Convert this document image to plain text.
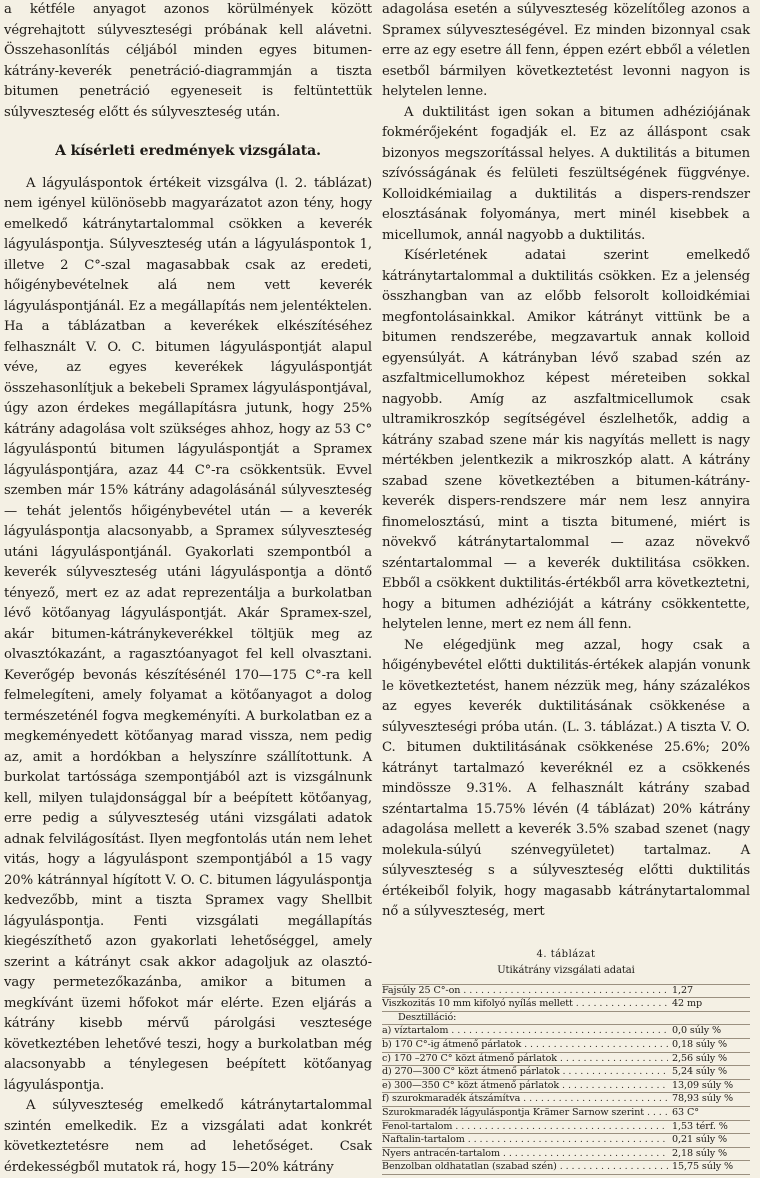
a kétféle anyagot azonos körülmények között végrehajtott súlyveszteségi próbának kell alávetni. Összehasonlítás céljából minden egyes bitumen-kátrány-keverék penetráció-diagrammján a tiszta bitumen penetráció egyeneseit is feltüntettük súlyveszteség előtt és súlyveszteség után.

A kísérleti eredmények vizsgálata.

A lágyuláspontok értékeit vizsgálva (l. 2. táblázat) nem igényel különösebb magyarázatot azon tény, hogy emelkedő kátránytartalommal csökken a keverék lágyuláspontja. Súlyveszteség után a lágyuláspontok 1, illetve 2 C°-szal magasabbak csak az eredeti, hőigénybevételnek alá nem vett keverék lágyuláspontjánál. Ez a megállapítás nem jelentéktelen. Ha a táblázatban a keverékek elkészítéséhez felhasznált V. O. C. bitumen lágyuláspontját alapul véve, az egyes keverékek lágyuláspontját összehasonlítjuk a bekebeli Spramex lágyuláspontjával, úgy azon érdekes megállapításra jutunk, hogy 25% kátrány adagolása volt szükséges ahhoz, hogy az 53 C° lágyuláspontú bitumen lágyuláspontját a Spramex lágyuláspontjára, azaz 44 C°-ra csökkentsük. Evvel szemben már 15% kátrány adagolásánál súlyveszteség — tehát jelentős hőigénybevétel után — a keverék lágyuláspontja alacsonyabb, a Spramex súlyveszteség utáni lágyuláspontjánál. Gyakorlati szempontból a keverék súlyveszteség utáni lágyuláspontja a döntő tényező, mert ez az adat reprezentálja a burkolatban lévő kötőanyag lágyuláspontját. Akár Spramex-szel, akár bitumen-kátránykeverékkel töltjük meg az olvasztókazánt, a ragasztóanyagot fel kell olvasztani. Keverőgép bevonás készítésénél 170—175 C°-ra kell felmelegíteni, amely folyamat a kötőanyagot a dolog természeténél fogva megkeményíti. A burkolatban ez a megkeményedett kötőanyag marad vissza, nem pedig az, amit a hordókban a helyszínre szállítottunk. A burkolat tartóssága szempontjából azt is vizsgálnunk kell, milyen tulajdonsággal bír a beépített kötőanyag, erre pedig a súlyveszteség utáni vizsgálati adatok adnak felvilágosítást. Ilyen megfontolás után nem lehet vitás, hogy a lágyuláspont szempontjából a 15 vagy 20% kátránnyal hígított V. O. C. bitumen lágyuláspontja kedvezőbb, mint a tiszta Spramex vagy Shellbit lágyuláspontja. Fenti vizsgálati megállapítás kiegészíthető azon gyakorlati lehetőséggel, amely szerint a kátrányt csak akkor adagoljuk az olasztó- vagy permetezőkazánba, amikor a bitumen a megkívánt üzemi hőfokot már elérte. Ezen eljárás a kátrány kisebb mérvű párolgási vesztesége következtében lehetővé teszi, hogy a burkolatban még alacsonyabb a ténylegesen beépített kötőanyag lágyuláspontja.

A súlyveszteség emelkedő kátránytartalommal szintén emelkedik. Ez a vizsgálati adat konkrét következtetésre nem ad lehetőséget. Csak érdekességből mutatok rá, hogy 15—20% kátrány

adagolása esetén a súlyveszteség közelítőleg azonos a Spramex súlyveszteségével. Ez minden bizonnyal csak erre az egy esetre áll fenn, éppen ezért ebből a véletlen esetből bármilyen következtetést levonni nagyon is helytelen lenne.

A duktilitást igen sokan a bitumen adhéziójának fokmérőjeként fogadják el. Ez az álláspont csak bizonyos megszorítással helyes. A duktilitás a bitumen szívósságának és felületi feszültségének függvénye. Kolloidkémiailag a duktilitás a dispers-rendszer elosztásának folyománya, mert minél kisebbek a micellumok, annál nagyobb a duktilitás.

Kísérletének adatai szerint emelkedő kátránytartalommal a duktilitás csökken. Ez a jelenség összhangban van az előbb felsorolt kolloidkémiai megfontolásainkkal. Amikor kátrányt vittünk be a bitumen rendszerébe, megzavartuk annak kolloid egyensúlyát. A kátrányban lévő szabad szén az aszfaltmicellumokhoz képest méreteiben sokkal nagyobb. Amíg az aszfaltmicellumok csak ultramikroszkóp segítségével észlelhetők, addig a kátrány szabad szene már kis nagyítás mellett is nagy mértékben jelentkezik a mikroszkóp alatt. A kátrány szabad szene következtében a bitumen-kátrány-keverék dispers-rendszere már nem lesz annyira finomelosztású, mint a tiszta bitumené, miért is növekvő kátránytartalommal — azaz növekvő széntartalommal — a keverék duktilitása csökken. Ebből a csökkent duktilitás-értékből arra következtetni, hogy a bitumen adhézióját a kátrány csökkentette, helytelen lenne, mert ez nem áll fenn.

Ne elégedjünk meg azzal, hogy csak a hőigénybevétel előtti duktilitás-értékek alapján vonunk le következtetést, hanem nézzük meg, hány százalékos az egyes keverék duktilitásának csökkenése a súlyveszteségi próba után. (L. 3. táblázat.) A tiszta V. O. C. bitumen duktilitásának csökkenése 25.6%; 20% kátrányt tartalmazó keveréknél ez a csökkenés mindössze 9.31%. A felhasznált kátrány szabad széntartalma 15.75% lévén (4 táblázat) 20% kátrány adagolása mellett a keverék 3.5% szabad szenet (nagy molekula-súlyú szénvegyületet) tartalmaz. A súlyveszteség s a súlyveszteség előtti duktilitás értékeiből folyik, hogy magasabb kátránytartalommal nő a súlyveszteség, mert

4. táblázat
Utikátrány vizsgálati adatai
Fajsúly 25 C°-on . . .	1,27
Viszkozitás 10 mm kifolyó nyílás mellett . . .	42 mp
Desztilláció:
a) víztartalom . . .	0,0 súly %
b) 170 C°-ig átmenő párlatok . . .	0,18 súly %
c) 170 –270 C° közt átmenő párlatok . . .	2,56 súly %
d) 270—300 C° közt átmenő párlatok . . .	5,24 súly %
e) 300—350 C° közt átmenő párlatok . . .	13,09 súly %
f) szurokmaradék átszámítva . . .	78,93 súly %
Szurokmaradék lágyuláspontja Krämer Sarnow szerint . . .	63 C°
Fenol-tartalom . . .	1,53 térf. %
Naftalin-tartalom . . .	0,21 súly %
Nyers antracén-tartalom . . .	2,18 súly %
Benzolban oldhatatlan (szabad szén) . . .	15,75 súly %
